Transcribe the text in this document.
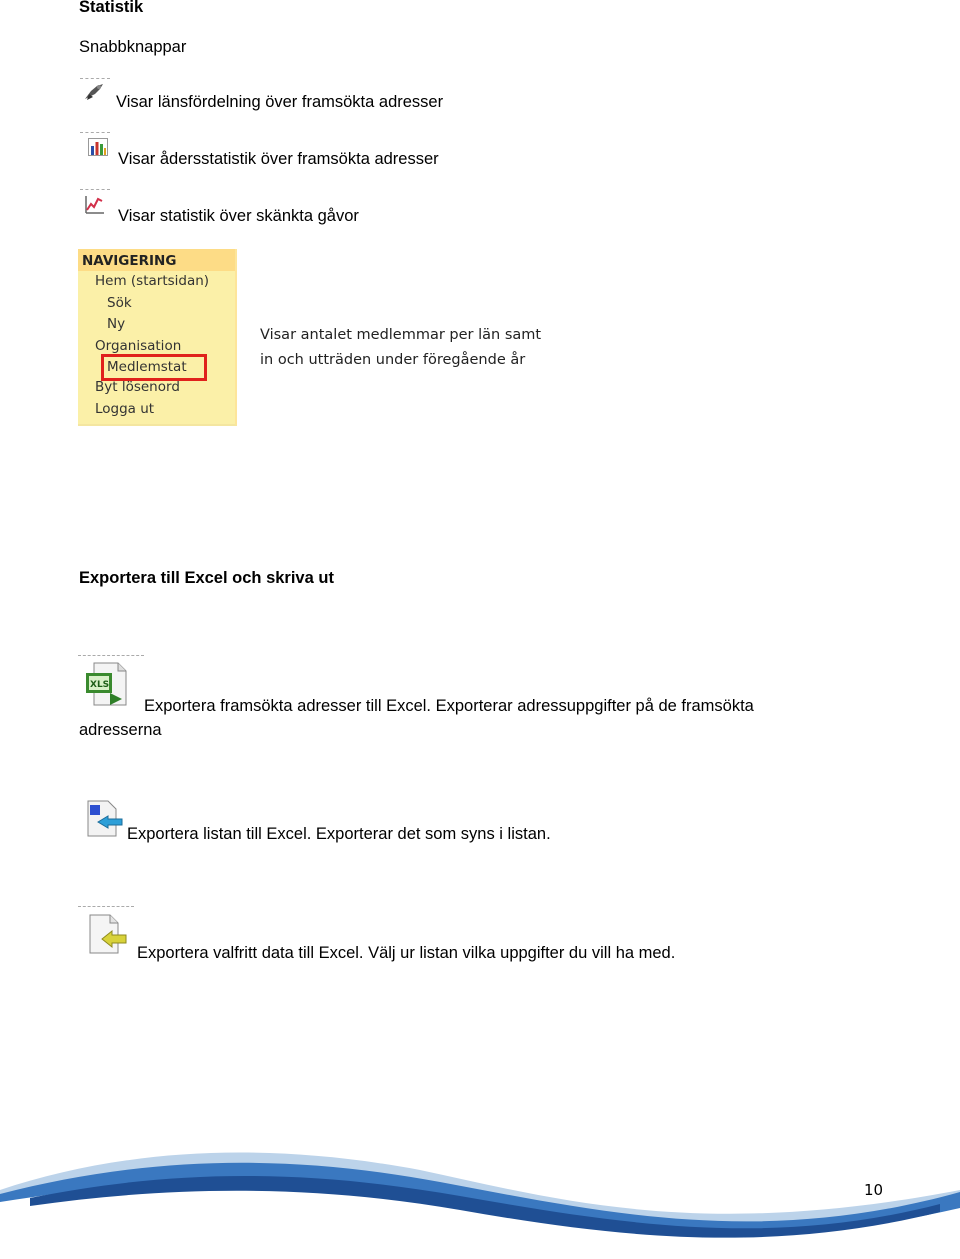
Statistik
Snabbknappar
Visar länsfördelning över framsökta adresser
Visar ådersstatistik över framsökta adresser
Visar statistik över skänkta gåvor
NAVIGERING
Hem (startsidan)
Sök
Ny
Organisation
Medlemstat
Byt lösenord
Logga ut
Visar antalet medlemmar per län samt
in och utträden under föregående år
Exportera till Excel och skriva ut
XLS
Exportera framsökta adresser till Excel. Exporterar adressuppgifter på de framsökta
adresserna
Exportera listan till Excel. Exporterar det som syns i listan.
Exportera valfritt data till Excel. Välj ur listan vilka uppgifter du vill ha med.
10
